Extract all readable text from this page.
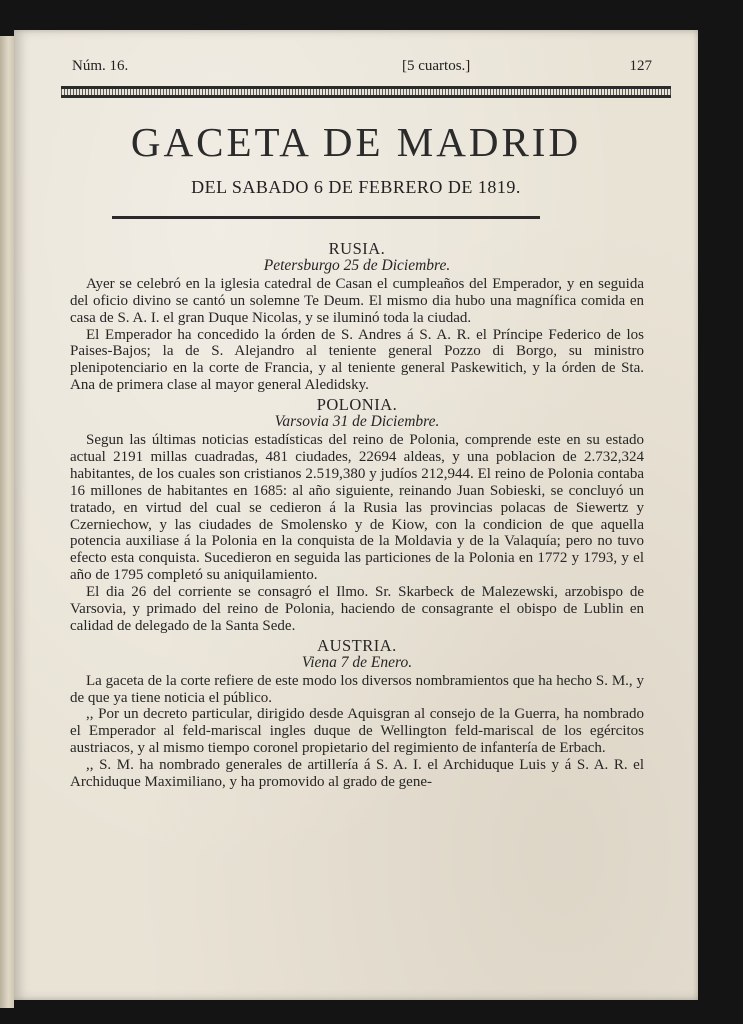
Núm. 16.	[5 cuartos.]	127
GACETA DE MADRID
DEL SABADO 6 DE FEBRERO DE 1819.

RUSIA.

Petersburgo 25 de Diciembre.

Ayer se celebró en la iglesia catedral de Casan el cumpleaños del Emperador, y en seguida del oficio divino se cantó un solemne Te Deum. El mismo dia hubo una magnífica comida en casa de S. A. I. el gran Duque Nicolas, y se iluminó toda la ciudad.

El Emperador ha concedido la órden de S. Andres á S. A. R. el Príncipe Federico de los Paises-Bajos; la de S. Alejandro al teniente general Pozzo di Borgo, su ministro plenipotenciario en la corte de Francia, y al teniente general Paskewitich, y la órden de Sta. Ana de primera clase al mayor general Aledidsky.

POLONIA.

Varsovia 31 de Diciembre.

Segun las últimas noticias estadísticas del reino de Polonia, comprende este en su estado actual 2191 millas cuadradas, 481 ciudades, 22694 aldeas, y una poblacion de 2.732,324 habitantes, de los cuales son cristianos 2.519,380 y judíos 212,944. El reino de Polonia contaba 16 millones de habitantes en 1685: al año siguiente, reinando Juan Sobieski, se concluyó un tratado, en virtud del cual se cedieron á la Rusia las provincias polacas de Siewertz y Czerniechow, y las ciudades de Smolensko y de Kiow, con la condicion de que aquella potencia auxiliase á la Polonia en la conquista de la Moldavia y de la Valaquía; pero no tuvo efecto esta conquista. Sucedieron en seguida las particiones de la Polonia en 1772 y 1793, y el año de 1795 completó su aniquilamiento.

El dia 26 del corriente se consagró el Ilmo. Sr. Skarbeck de Malezewski, arzobispo de Varsovia, y primado del reino de Polonia, haciendo de consagrante el obispo de Lublin en calidad de delegado de la Santa Sede.

AUSTRIA.

Viena 7 de Enero.

La gaceta de la corte refiere de este modo los diversos nombramientos que ha hecho S. M., y de que ya tiene noticia el público.

,, Por un decreto particular, dirigido desde Aquisgran al consejo de la Guerra, ha nombrado el Emperador al feld-mariscal ingles duque de Wellington feld-mariscal de los egércitos austriacos, y al mismo tiempo coronel propietario del regimiento de infantería de Erbach.

,, S. M. ha nombrado generales de artillería á S. A. I. el Archiduque Luis y á S. A. R. el Archiduque Maximiliano, y ha promovido al grado de gene-
